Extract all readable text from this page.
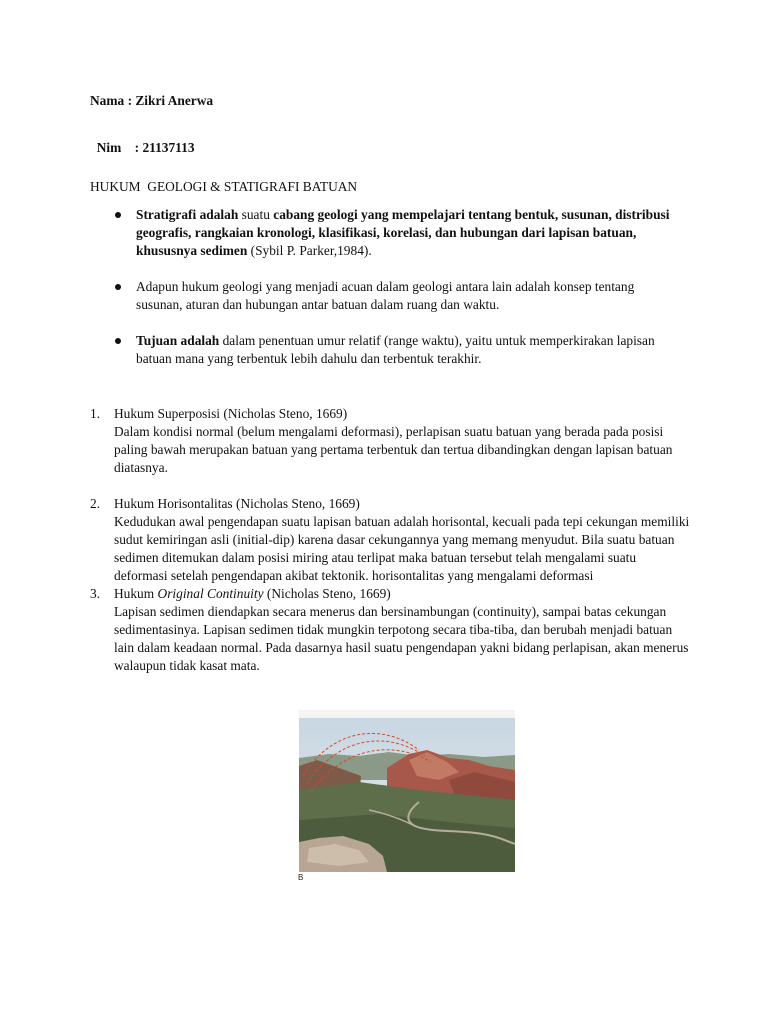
Nama : Zikri Anerwa

Nim    : 21137113

HUKUM  GEOLOGI & STATIGRAFI BATUAN
Stratigrafi adalah suatu cabang geologi yang mempelajari tentang bentuk, susunan, distribusi geografis, rangkaian kronologi, klasifikasi, korelasi, dan hubungan dari lapisan batuan, khususnya sedimen (Sybil P. Parker,1984).
Adapun hukum geologi yang menjadi acuan dalam geologi antara lain adalah konsep tentang susunan, aturan dan hubungan antar batuan dalam ruang dan waktu.
Tujuan adalah dalam penentuan umur relatif (range waktu), yaitu untuk memperkirakan lapisan batuan mana yang terbentuk lebih dahulu dan terbentuk terakhir.
1. Hukum Superposisi (Nicholas Steno, 1669)
Dalam kondisi normal (belum mengalami deformasi), perlapisan suatu batuan yang berada pada posisi paling bawah merupakan batuan yang pertama terbentuk dan tertua dibandingkan dengan lapisan batuan diatasnya.
2. Hukum Horisontalitas (Nicholas Steno, 1669)
Kedudukan awal pengendapan suatu lapisan batuan adalah horisontal, kecuali pada tepi cekungan memiliki sudut kemiringan asli (initial-dip) karena dasar cekungannya yang memang menyudut. Bila suatu batuan sedimen ditemukan dalam posisi miring atau terlipat maka batuan tersebut telah mengalami suatu deformasi setelah pengendapan akibat tektonik. horisontalitas yang mengalami deformasi
3. Hukum Original Continuity (Nicholas Steno, 1669)
Lapisan sedimen diendapkan secara menerus dan bersinambungan (continuity), sampai batas cekungan sedimentasinya. Lapisan sedimen tidak mungkin terpotong secara tiba-tiba, dan berubah menjadi batuan lain dalam keadaan normal. Pada dasarnya hasil suatu pengendapan yakni bidang perlapisan, akan menerus walaupun tidak kasat mata.
B
